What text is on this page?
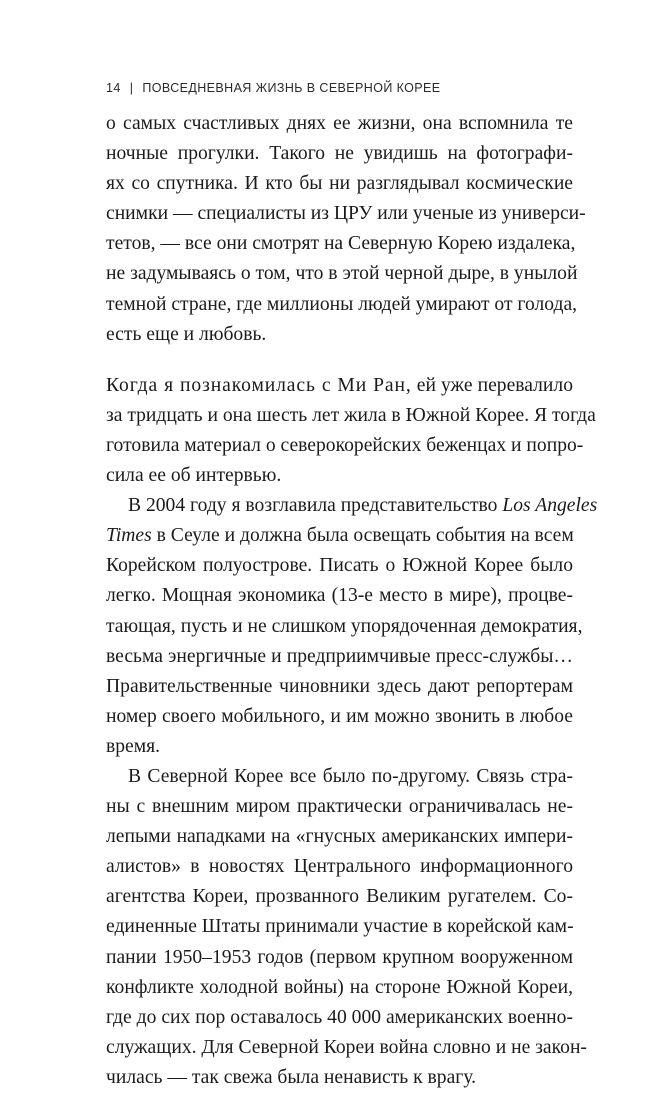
14 | ПОВСЕДНЕВНАЯ ЖИЗНЬ В СЕВЕРНОЙ КОРЕЕ
о самых счастливых днях ее жизни, она вспомнила те
ночные прогулки. Такого не увидишь на фотографи-
ях со спутника. И кто бы ни разглядывал космические
снимки — специалисты из ЦРУ или ученые из универси-
тетов, — все они смотрят на Северную Корею издалека,
не задумываясь о том, что в этой черной дыре, в унылой
темной стране, где миллионы людей умирают от голода,
есть еще и любовь.
Когда я познакомилась с Ми Ран, ей уже перевалило
за тридцать и она шесть лет жила в Южной Корее. Я тогда
готовила материал о северокорейских беженцах и попро-
сила ее об интервью.
В 2004 году я возглавила представительство Los Angeles
Times в Сеуле и должна была освещать события на всем
Корейском полуострове. Писать о Южной Корее было
легко. Мощная экономика (13-е место в мире), процве-
тающая, пусть и не слишком упорядоченная демократия,
весьма энергичные и предприимчивые пресс-службы…
Правительственные чиновники здесь дают репортерам
номер своего мобильного, и им можно звонить в любое
время.
В Северной Корее все было по-другому. Связь стра-
ны с внешним миром практически ограничивалась не-
лепыми нападками на «гнусных американских импери-
алистов» в новостях Центрального информационного
агентства Кореи, прозванного Великим ругателем. Со-
единенные Штаты принимали участие в корейской кам-
пании 1950–1953 годов (первом крупном вооруженном
конфликте холодной войны) на стороне Южной Кореи,
где до сих пор оставалось 40 000 американских военно-
служащих. Для Северной Кореи война словно и не закон-
чилась — так свежа была ненависть к врагу.
